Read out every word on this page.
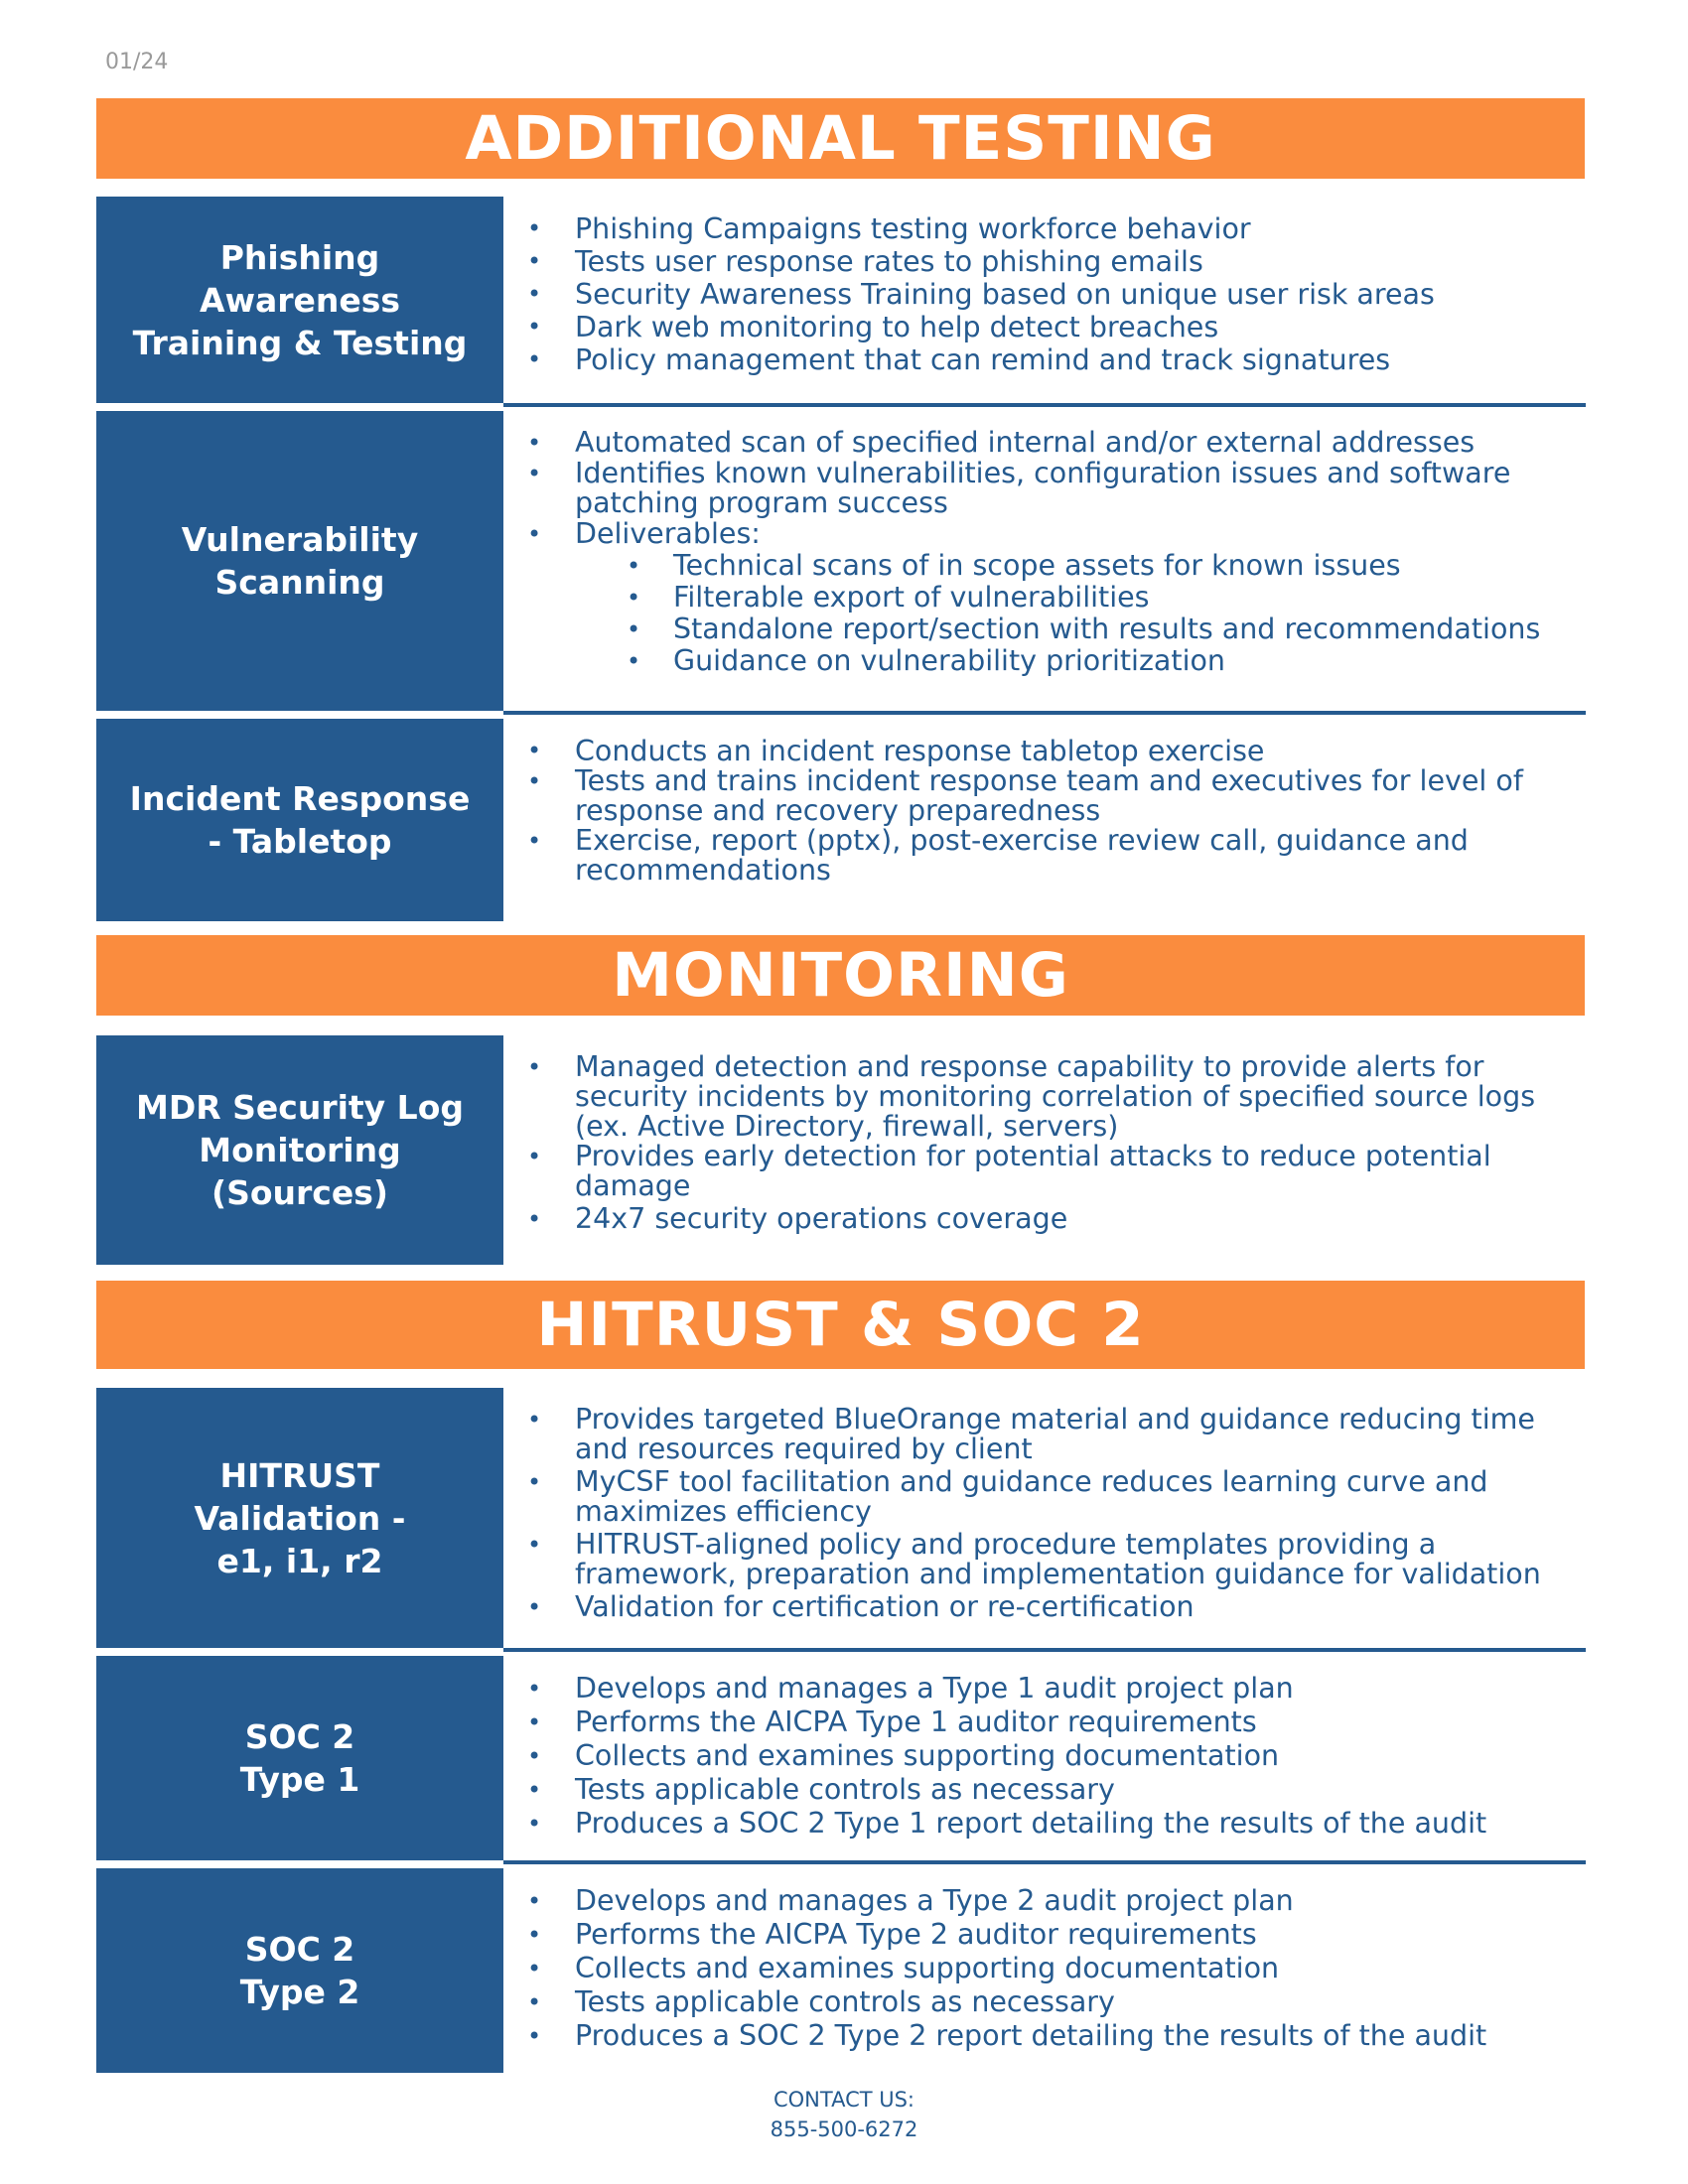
01/24
ADDITIONAL TESTING
Phishing
Awareness
Training & Testing
• Phishing Campaigns testing workforce behavior
• Tests user response rates to phishing emails
• Security Awareness Training based on unique user risk areas
• Dark web monitoring to help detect breaches
• Policy management that can remind and track signatures
Vulnerability
Scanning
• Automated scan of specified internal and/or external addresses
• Identifies known vulnerabilities, configuration issues and software patching program success
• Deliverables:
• Technical scans of in scope assets for known issues
• Filterable export of vulnerabilities
• Standalone report/section with results and recommendations
• Guidance on vulnerability prioritization
Incident Response
- Tabletop
• Conducts an incident response tabletop exercise
• Tests and trains incident response team and executives for level of response and recovery preparedness
• Exercise, report (pptx), post-exercise review call, guidance and recommendations
MONITORING
MDR Security Log
Monitoring
(Sources)
• Managed detection and response capability to provide alerts for security incidents by monitoring correlation of specified source logs (ex. Active Directory, firewall, servers)
• Provides early detection for potential attacks to reduce potential damage
• 24x7 security operations coverage
HITRUST & SOC 2
HITRUST
Validation -
e1, i1, r2
• Provides targeted BlueOrange material and guidance reducing time and resources required by client
• MyCSF tool facilitation and guidance reduces learning curve and maximizes efficiency
• HITRUST-aligned policy and procedure templates providing a framework, preparation and implementation guidance for validation
• Validation for certification or re-certification
SOC 2
Type 1
• Develops and manages a Type 1 audit project plan
• Performs the AICPA Type 1 auditor requirements
• Collects and examines supporting documentation
• Tests applicable controls as necessary
• Produces a SOC 2 Type 1 report detailing the results of the audit
SOC 2
Type 2
• Develops and manages a Type 2 audit project plan
• Performs the AICPA Type 2 auditor requirements
• Collects and examines supporting documentation
• Tests applicable controls as necessary
• Produces a SOC 2 Type 2 report detailing the results of the audit
CONTACT US:
855-500-6272
